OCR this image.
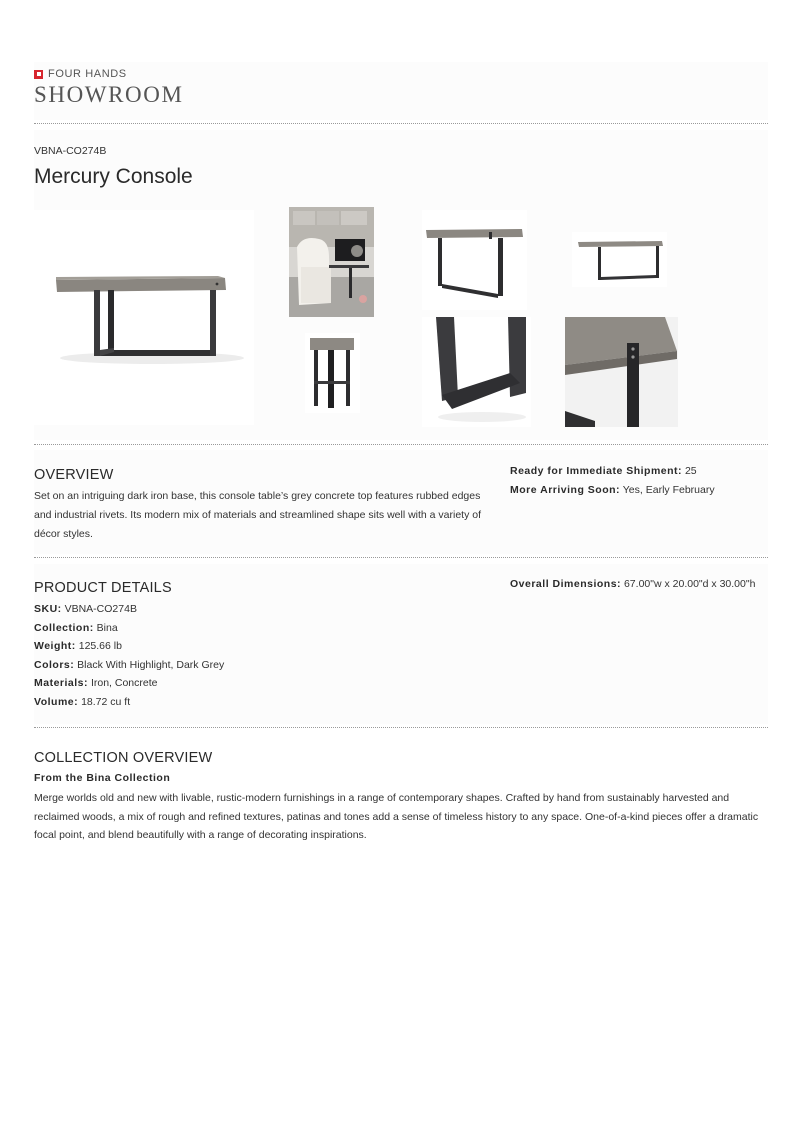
FOUR HANDS
SHOWROOM
VBNA-CO274B
Mercury Console
OVERVIEW
Set on an intriguing dark iron base, this console table’s grey concrete top features rubbed edges and industrial rivets. Its modern mix of materials and streamlined shape sits well with a variety of décor styles.
Ready for Immediate Shipment: 25
More Arriving Soon: Yes, Early February
PRODUCT DETAILS
SKU: VBNA-CO274B
Collection: Bina
Weight: 125.66 lb
Colors: Black With Highlight, Dark Grey
Materials: Iron, Concrete
Volume: 18.72 cu ft
Overall Dimensions: 67.00"w x 20.00"d x 30.00"h
COLLECTION OVERVIEW
From the Bina Collection
Merge worlds old and new with livable, rustic-modern furnishings in a range of contemporary shapes. Crafted by hand from sustainably harvested and reclaimed woods, a mix of rough and refined textures, patinas and tones add a sense of timeless history to any space. One-of-a-kind pieces offer a dramatic focal point, and blend beautifully with a range of decorating inspirations.
